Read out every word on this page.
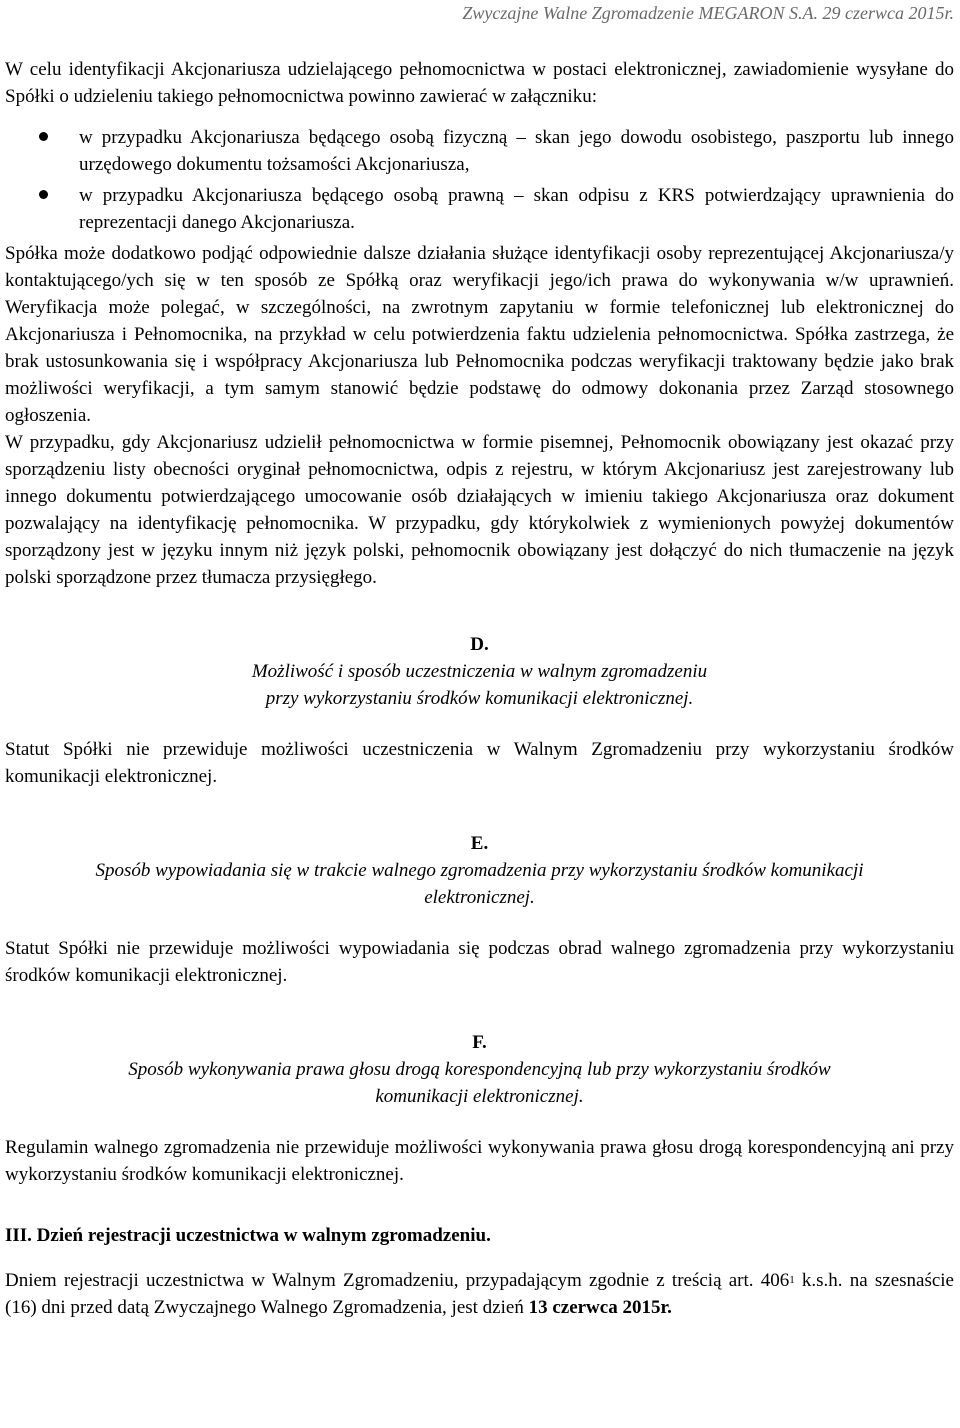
Zwyczajne Walne Zgromadzenie MEGARON S.A. 29 czerwca 2015r.

W celu identyfikacji Akcjonariusza udzielającego pełnomocnictwa w postaci elektronicznej, zawiadomienie wysyłane do Spółki o udzieleniu takiego pełnomocnictwa powinno zawierać w załączniku:

w przypadku Akcjonariusza będącego osobą fizyczną – skan jego dowodu osobistego, paszportu lub innego urzędowego dokumentu tożsamości Akcjonariusza,
w przypadku Akcjonariusza będącego osobą prawną – skan odpisu z KRS potwierdzający uprawnienia do reprezentacji danego Akcjonariusza.

Spółka może dodatkowo podjąć odpowiednie dalsze działania służące identyfikacji osoby reprezentującej Akcjonariusza/y kontaktującego/ych się w ten sposób ze Spółką oraz weryfikacji jego/ich prawa do wykonywania w/w uprawnień. Weryfikacja może polegać, w szczególności, na zwrotnym zapytaniu w formie telefonicznej lub elektronicznej do Akcjonariusza i Pełnomocnika, na przykład w celu potwierdzenia faktu udzielenia pełnomocnictwa. Spółka zastrzega, że brak ustosunkowania się i współpracy Akcjonariusza lub Pełnomocnika podczas weryfikacji traktowany będzie jako brak możliwości weryfikacji, a tym samym stanowić będzie podstawę do odmowy dokonania przez Zarząd stosownego ogłoszenia.

W przypadku, gdy Akcjonariusz udzielił pełnomocnictwa w formie pisemnej, Pełnomocnik obowiązany jest okazać przy sporządzeniu listy obecności oryginał pełnomocnictwa, odpis z rejestru, w którym Akcjonariusz jest zarejestrowany lub innego dokumentu potwierdzającego umocowanie osób działających w imieniu takiego Akcjonariusza oraz dokument pozwalający na identyfikację pełnomocnika. W przypadku, gdy którykolwiek z wymienionych powyżej dokumentów sporządzony jest w języku innym niż język polski, pełnomocnik obowiązany jest dołączyć do nich tłumaczenie na język polski sporządzone przez tłumacza przysięgłego.

D.
Możliwość i sposób uczestniczenia w walnym zgromadzeniu
przy wykorzystaniu środków komunikacji elektronicznej.

Statut Spółki nie przewiduje możliwości uczestniczenia w Walnym Zgromadzeniu przy wykorzystaniu środków komunikacji elektronicznej.

E.
Sposób wypowiadania się w trakcie walnego zgromadzenia przy wykorzystaniu środków komunikacji
elektronicznej.

Statut Spółki nie przewiduje możliwości wypowiadania się podczas obrad walnego zgromadzenia przy wykorzystaniu środków komunikacji elektronicznej.

F.
Sposób wykonywania prawa głosu drogą korespondencyjną lub przy wykorzystaniu środków
komunikacji elektronicznej.

Regulamin walnego zgromadzenia nie przewiduje możliwości wykonywania prawa głosu drogą korespondencyjną ani przy wykorzystaniu środków komunikacji elektronicznej.

III. Dzień rejestracji uczestnictwa w walnym zgromadzeniu.

Dniem rejestracji uczestnictwa w Walnym Zgromadzeniu, przypadającym zgodnie z treścią art. $406^1$ k.s.h. na szesnaście (16) dni przed datą Zwyczajnego Walnego Zgromadzenia, jest dzień 13 czerwca 2015r.
